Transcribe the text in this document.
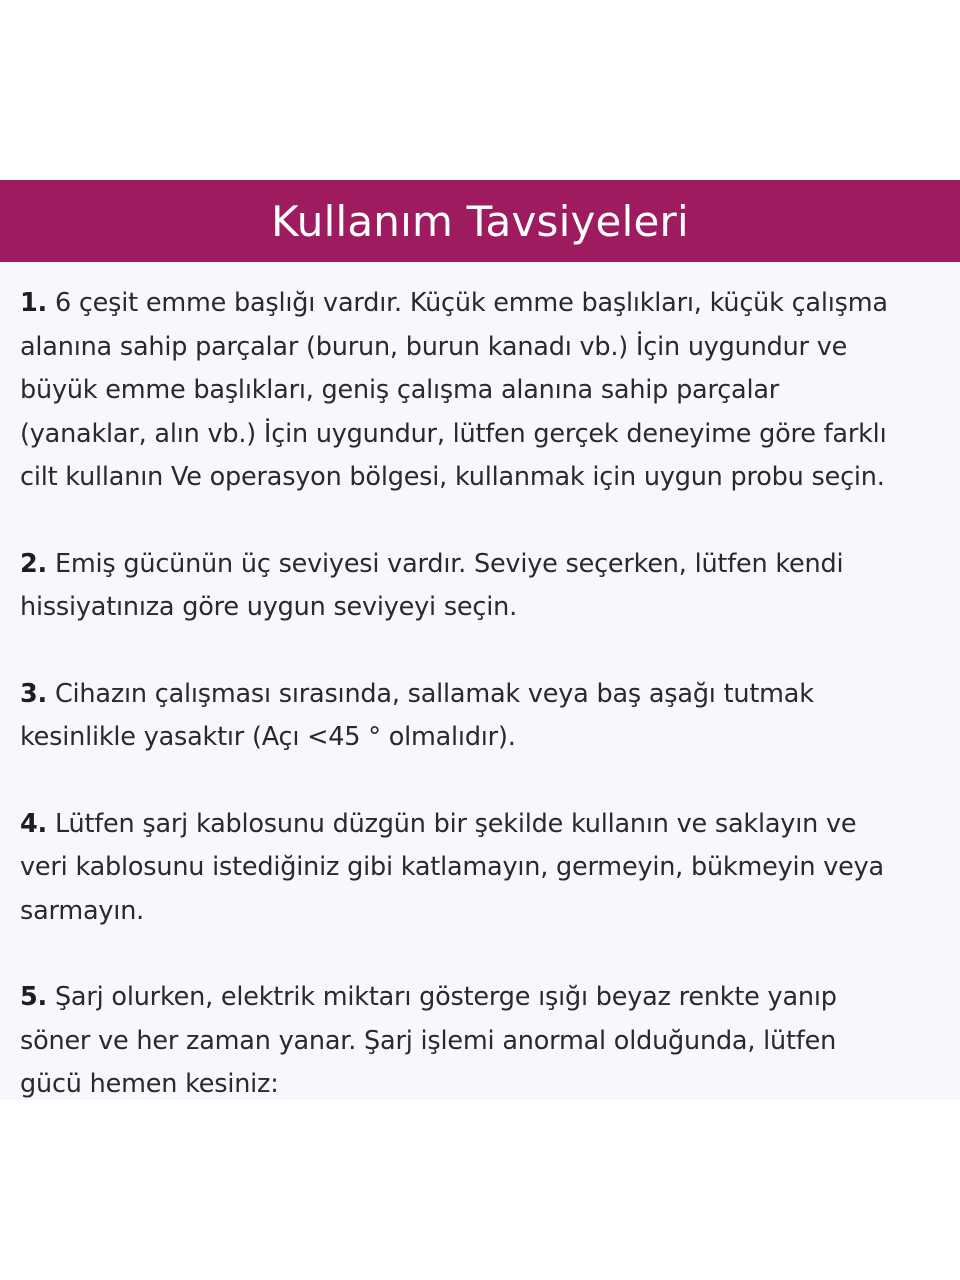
Kullanım Tavsiyeleri

1. 6 çeşit emme başlığı vardır. Küçük emme başlıkları, küçük çalışma
alanına sahip parçalar (burun, burun kanadı vb.) İçin uygundur ve
büyük emme başlıkları, geniş çalışma alanına sahip parçalar
(yanaklar, alın vb.) İçin uygundur, lütfen gerçek deneyime göre farklı
cilt kullanın Ve operasyon bölgesi, kullanmak için uygun probu seçin.

2. Emiş gücünün üç seviyesi vardır. Seviye seçerken, lütfen kendi
hissiyatınıza göre uygun seviyeyi seçin.

3. Cihazın çalışması sırasında, sallamak veya baş aşağı tutmak
kesinlikle yasaktır (Açı <45 ° olmalıdır).

4. Lütfen şarj kablosunu düzgün bir şekilde kullanın ve saklayın ve
veri kablosunu istediğiniz gibi katlamayın, germeyin, bükmeyin veya
sarmayın.

5. Şarj olurken, elektrik miktarı gösterge ışığı beyaz renkte yanıp
söner ve her zaman yanar. Şarj işlemi anormal olduğunda, lütfen
gücü hemen kesiniz:
